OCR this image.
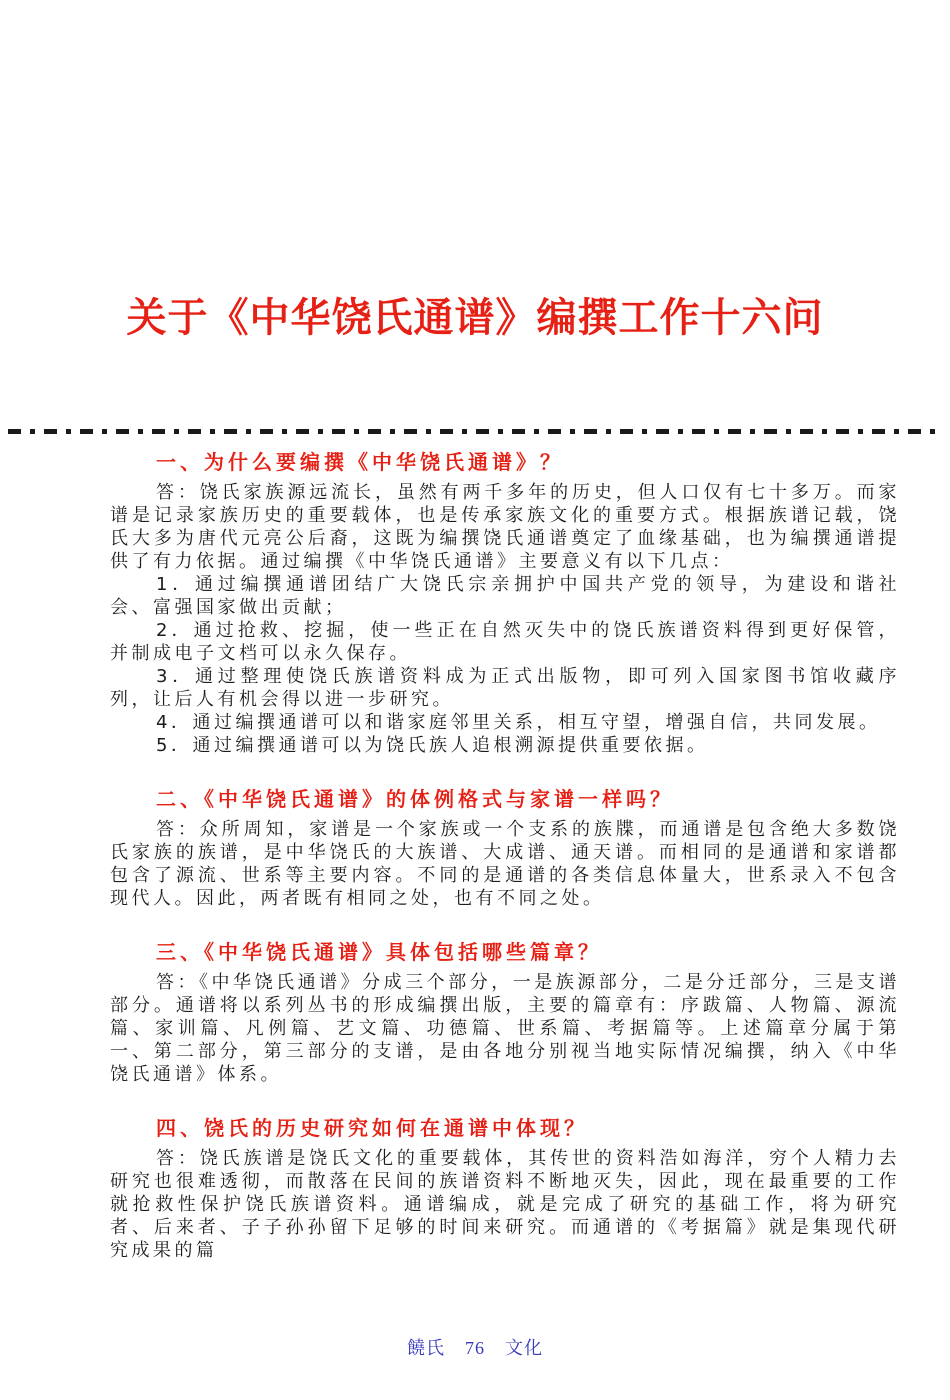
关于《中华饶氏通谱》编撰工作十六问
一、为什么要编撰《中华饶氏通谱》？

答：饶氏家族源远流长，虽然有两千多年的历史，但人口仅有七十多万。而家谱是记录家族历史的重要载体，也是传承家族文化的重要方式。根据族谱记载，饶氏大多为唐代元亮公后裔，这既为编撰饶氏通谱奠定了血缘基础，也为编撰通谱提供了有力依据。通过编撰《中华饶氏通谱》主要意义有以下几点：

1．通过编撰通谱团结广大饶氏宗亲拥护中国共产党的领导，为建设和谐社会、富强国家做出贡献；

2．通过抢救、挖掘，使一些正在自然灭失中的饶氏族谱资料得到更好保管，并制成电子文档可以永久保存。

3．通过整理使饶氏族谱资料成为正式出版物，即可列入国家图书馆收藏序列，让后人有机会得以进一步研究。

4．通过编撰通谱可以和谐家庭邻里关系，相互守望，增强自信，共同发展。

5．通过编撰通谱可以为饶氏族人追根溯源提供重要依据。

二、《中华饶氏通谱》的体例格式与家谱一样吗？

答：众所周知，家谱是一个家族或一个支系的族牒，而通谱是包含绝大多数饶氏家族的族谱，是中华饶氏的大族谱、大成谱、通天谱。而相同的是通谱和家谱都包含了源流、世系等主要内容。不同的是通谱的各类信息体量大，世系录入不包含现代人。因此，两者既有相同之处，也有不同之处。

三、《中华饶氏通谱》具体包括哪些篇章？

答：《中华饶氏通谱》分成三个部分，一是族源部分，二是分迁部分，三是支谱部分。通谱将以系列丛书的形成编撰出版，主要的篇章有：序跋篇、人物篇、源流篇、家训篇、凡例篇、艺文篇、功德篇、世系篇、考据篇等。上述篇章分属于第一、第二部分，第三部分的支谱，是由各地分别视当地实际情况编撰，纳入《中华饶氏通谱》体系。

四、饶氏的历史研究如何在通谱中体现？

答：饶氏族谱是饶氏文化的重要载体，其传世的资料浩如海洋，穷个人精力去研究也很难透彻，而散落在民间的族谱资料不断地灭失，因此，现在最重要的工作就抢救性保护饶氏族谱资料。通谱编成，就是完成了研究的基础工作，将为研究者、后来者、子子孙孙留下足够的时间来研究。而通谱的《考据篇》就是集现代研究成果的篇

饒氏 76 文化
